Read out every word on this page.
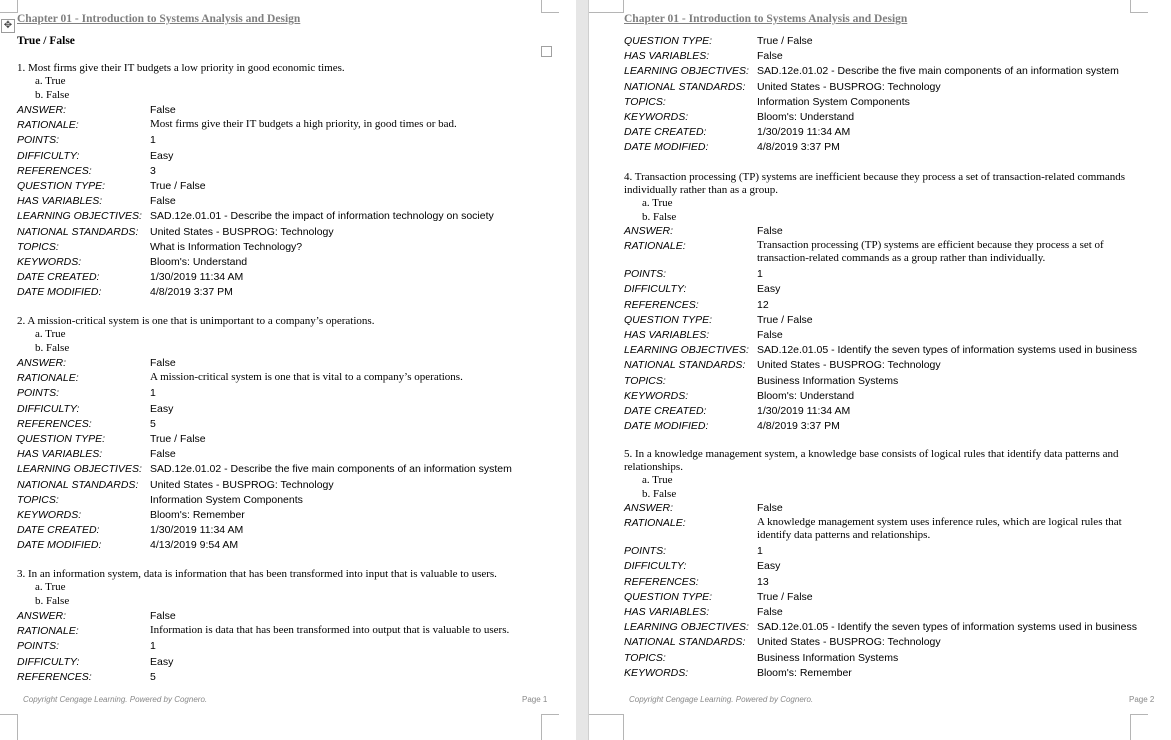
✥
Chapter 01 - Introduction to Systems Analysis and Design
True / False

1. Most firms give their IT budgets a low priority in good economic times.

a. True
b. False
ANSWER:	False
RATIONALE:	Most firms give their IT budgets a high priority, in good times or bad.
POINTS:	1
DIFFICULTY:	Easy
REFERENCES:	3
QUESTION TYPE:	True / False
HAS VARIABLES:	False
LEARNING OBJECTIVES: SAD.12e.01.01 - Describe the impact of information technology on society
NATIONAL STANDARDS:	United States - BUSPROG: Technology
TOPICS:	What is Information Technology?
KEYWORDS:	Bloom's: Understand
DATE CREATED:	1/30/2019 11:34 AM
DATE MODIFIED:	4/8/2019 3:37 PM

2. A mission-critical system is one that is unimportant to a company’s operations.

a. True
b. False
ANSWER:	False
RATIONALE:	A mission-critical system is one that is vital to a company’s operations.
POINTS:	1
DIFFICULTY:	Easy
REFERENCES:	5
QUESTION TYPE:	True / False
HAS VARIABLES:	False
LEARNING OBJECTIVES: SAD.12e.01.02 - Describe the five main components of an information system
NATIONAL STANDARDS:	United States - BUSPROG: Technology
TOPICS:	Information System Components
KEYWORDS:	Bloom's: Remember
DATE CREATED:	1/30/2019 11:34 AM
DATE MODIFIED:	4/13/2019 9:54 AM

3. In an information system, data is information that has been transformed into input that is valuable to users.

a. True
b. False
ANSWER:	False
RATIONALE:	Information is data that has been transformed into output that is valuable to users.
POINTS:	1
DIFFICULTY:	Easy
REFERENCES:	5
Copyright Cengage Learning. Powered by Cognero.	Page 1
Chapter 01 - Introduction to Systems Analysis and Design
QUESTION TYPE:	True / False
HAS VARIABLES:	False
LEARNING OBJECTIVES: SAD.12e.01.02 - Describe the five main components of an information system
NATIONAL STANDARDS:	United States - BUSPROG: Technology
TOPICS:	Information System Components
KEYWORDS:	Bloom's: Understand
DATE CREATED:	1/30/2019 11:34 AM
DATE MODIFIED:	4/8/2019 3:37 PM

4. Transaction processing (TP) systems are inefficient because they process a set of transaction-related commands individually rather than as a group.

a. True
b. False
ANSWER:	False
RATIONALE:	Transaction processing (TP) systems are efficient because they process a set of transaction-related commands as a group rather than individually.
POINTS:	1
DIFFICULTY:	Easy
REFERENCES:	12
QUESTION TYPE:	True / False
HAS VARIABLES:	False
LEARNING OBJECTIVES: SAD.12e.01.05 - Identify the seven types of information systems used in business
NATIONAL STANDARDS:	United States - BUSPROG: Technology
TOPICS:	Business Information Systems
KEYWORDS:	Bloom's: Understand
DATE CREATED:	1/30/2019 11:34 AM
DATE MODIFIED:	4/8/2019 3:37 PM

5. In a knowledge management system, a knowledge base consists of logical rules that identify data patterns and relationships.

a. True
b. False
ANSWER:	False
RATIONALE:	A knowledge management system uses inference rules, which are logical rules that identify data patterns and relationships.
POINTS:	1
DIFFICULTY:	Easy
REFERENCES:	13
QUESTION TYPE:	True / False
HAS VARIABLES:	False
LEARNING OBJECTIVES: SAD.12e.01.05 - Identify the seven types of information systems used in business
NATIONAL STANDARDS:	United States - BUSPROG: Technology
TOPICS:	Business Information Systems
KEYWORDS:	Bloom's: Remember
Copyright Cengage Learning. Powered by Cognero.	Page 2
